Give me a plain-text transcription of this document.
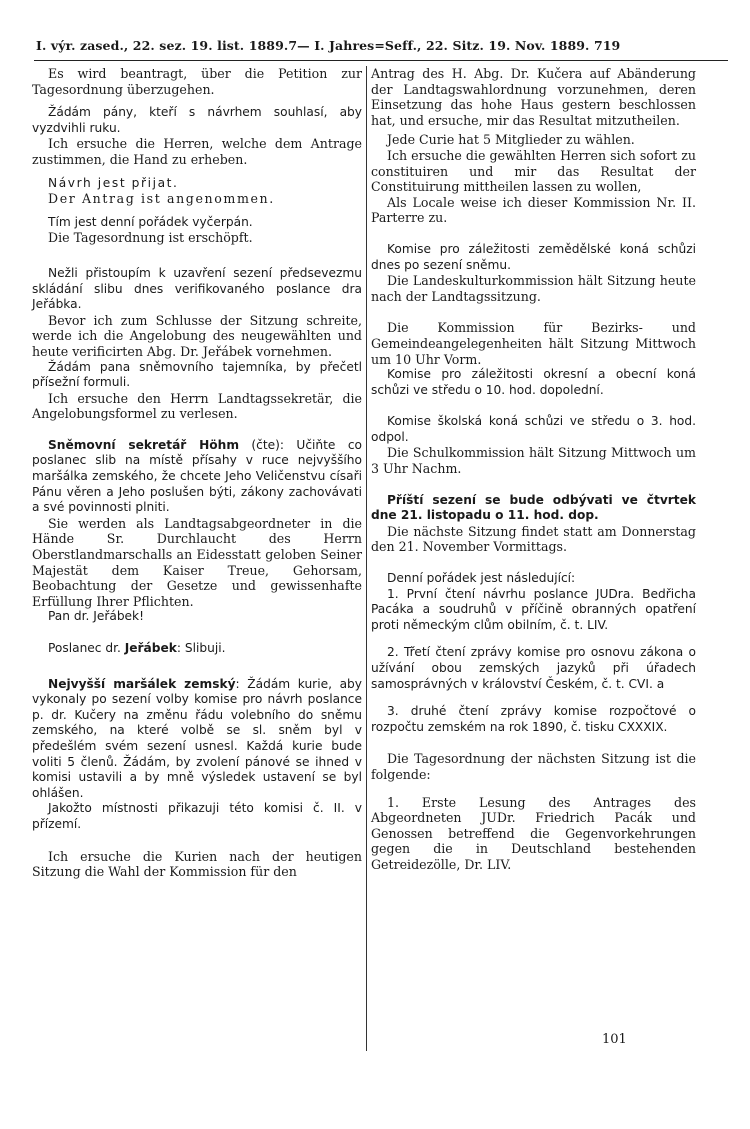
I. výr. zased., 22. sez. 19. list. 1889.7— I. Jahres=Seff., 22. Sitz. 19. Nov. 1889. 719

Es wird beantragt, über die Petition zur Tagesordnung überzugehen.

Žádám pány, kteří s návrhem souhlasí, aby vyzdvihli ruku.

Ich ersuche die Herren, welche dem Antrage zustimmen, die Hand zu erheben.

Návrh jest přijat.

Der Antrag ist angenommen.

Tím jest denní pořádek vyčerpán.

Die Tagesordnung ist erschöpft.

Nežli přistoupím k uzavření sezení předsevezmu skládání slibu dnes verifikovaného poslance dra Jeřábka.

Bevor ich zum Schlusse der Sitzung schreite, werde ich die Angelobung des neugewählten und heute verificirten Abg. Dr. Jeřábek vornehmen.

Žádám pana sněmovního tajemníka, by přečetl přísežní formuli.

Ich ersuche den Herrn Landtagssekretär, die Angelobungsformel zu verlesen.

Sněmovní sekretář Höhm (čte): Učiňte co poslanec slib na místě přísahy v ruce nejvyššího maršálka zemského, že chcete Jeho Veličenstvu císaři Pánu věren a Jeho poslušen býti, zákony zachovávati a své povinnosti plniti.

Sie werden als Landtagsabgeordneter in die Hände Sr. Durchlaucht des Herrn Oberstlandmarschalls an Eidesstatt geloben Seiner Majestät dem Kaiser Treue, Gehorsam, Beobachtung der Gesetze und gewissenhafte Erfüllung Ihrer Pflichten.

Pan dr. Jeřábek!

Poslanec dr. Jeřábek: Slibuji.

Nejvyšší maršálek zemský: Žádám kurie, aby vykonaly po sezení volby komise pro návrh poslance p. dr. Kučery na změnu řádu volebního do sněmu zemského, na které volbě se sl. sněm byl v předešlém svém sezení usnesl. Každá kurie bude voliti 5 členů. Žádám, by zvolení pánové se ihned v komisi ustavili a by mně výsledek ustavení se byl ohlášen.

Jakožto místnosti přikazuji této komisi č. II. v přízemí.

Ich ersuche die Kurien nach der heutigen Sitzung die Wahl der Kommission für den

Antrag des H. Abg. Dr. Kučera auf Abänderung der Landtagswahlordnung vorzunehmen, deren Einsetzung das hohe Haus gestern beschlossen hat, und ersuche, mir das Resultat mitzutheilen.

Jede Curie hat 5 Mitglieder zu wählen.

Ich ersuche die gewählten Herren sich sofort zu constituiren und mir das Resultat der Constituirung mittheilen lassen zu wollen,

Als Locale weise ich dieser Kommission Nr. II. Parterre zu.

Komise pro záležitosti zemědělské koná schůzi dnes po sezení sněmu.

Die Landeskulturkommission hält Sitzung heute nach der Landtagssitzung.

Die Kommission für Bezirks- und Gemeindeangelegenheiten hält Sitzung Mittwoch um 10 Uhr Vorm.

Komise pro záležitosti okresní a obecní koná schůzi ve středu o 10. hod. dopolední.

Komise školská koná schůzi ve středu o 3. hod. odpol.

Die Schulkommission hält Sitzung Mittwoch um 3 Uhr Nachm.

Příští sezení se bude odbývati ve čtvrtek dne 21. listopadu o 11. hod. dop.

Die nächste Sitzung findet statt am Donnerstag den 21. November Vormittags.

Denní pořádek jest následující:

1. První čtení návrhu poslance JUDra. Bedřicha Pacáka a soudruhů v příčině obranných opatření proti německým clům obilním, č. t. LIV.

2. Třetí čtení zprávy komise pro osnovu zákona o užívání obou zemských jazyků při úřadech samosprávných v království Českém, č. t. CVI. a

3. druhé čtení zprávy komise rozpočtové o rozpočtu zemském na rok 1890, č. tisku CXXXIX.

Die Tagesordnung der nächsten Sitzung ist die folgende:

1. Erste Lesung des Antrages des Abgeordneten JUDr. Friedrich Pacák und Genossen betreffend die Gegenvorkehrungen gegen die in Deutschland bestehenden Getreidezölle, Dr. LIV.

101
